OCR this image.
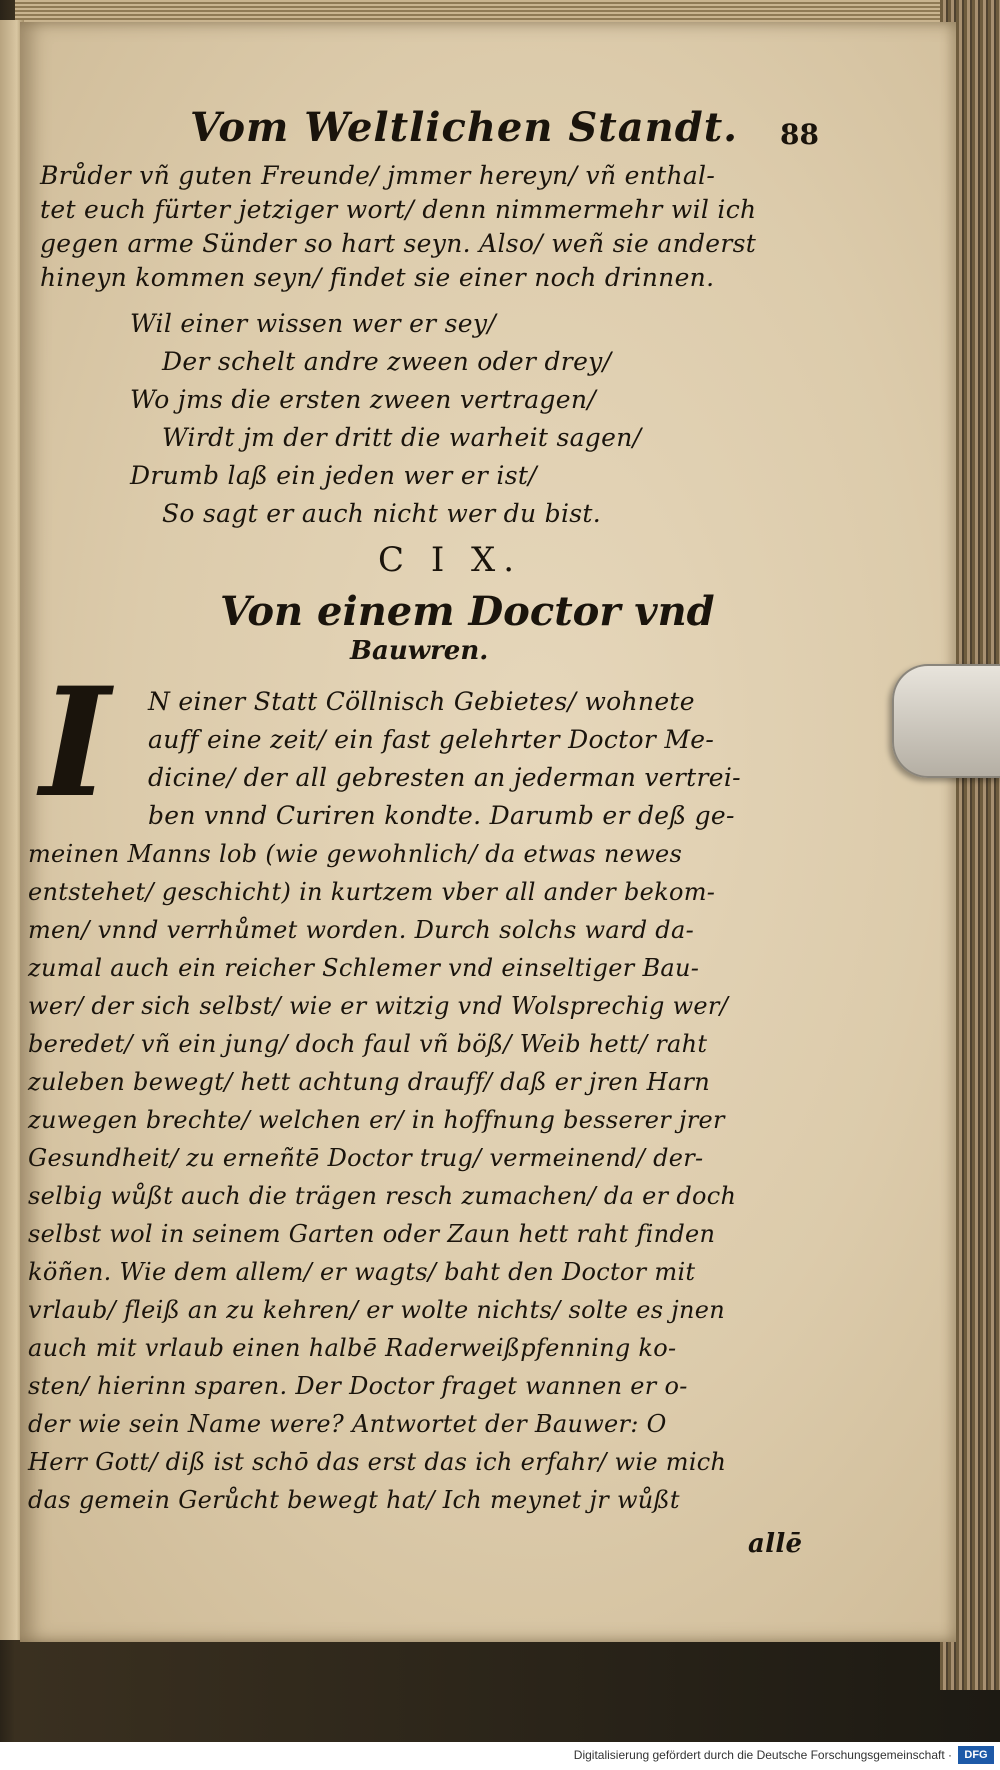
Vom Weltlichen Standt.	88
Brůder vñ guten Freunde/ jmmer hereyn/ vñ enthal-
tet euch fürter jetziger wort/ denn nimmermehr wil ich
gegen arme Sünder so hart seyn. Also/ weñ sie anderst
hineyn kommen seyn/ findet sie einer noch drinnen.
Wil einer wissen wer er sey/
Der schelt andre zween oder drey/
Wo jms die ersten zween vertragen/
Wirdt jm der dritt die warheit sagen/
Drumb laß ein jeden wer er ist/
So sagt er auch nicht wer du bist.
C I X.
Von einem Doctor vnd
Bauwren.
I	N einer Statt Cöllnisch Gebietes/ wohnete
auff eine zeit/ ein fast gelehrter Doctor Me-
dicine/ der all gebresten an jederman vertrei-
ben vnnd Curiren kondte. Darumb er deß ge-
meinen Manns lob (wie gewohnlich/ da etwas newes
entstehet/ geschicht) in kurtzem vber all ander bekom-
men/ vnnd verrhůmet worden. Durch solchs ward da-
zumal auch ein reicher Schlemer vnd einseltiger Bau-
wer/ der sich selbst/ wie er witzig vnd Wolsprechig wer/
beredet/ vñ ein jung/ doch faul vñ böß/ Weib hett/ raht
zuleben bewegt/ hett achtung drauff/ daß er jren Harn
zuwegen brechte/ welchen er/ in hoffnung besserer jrer
Gesundheit/ zu erneñtē Doctor trug/ vermeinend/ der-
selbig wůßt auch die trägen resch zumachen/ da er doch
selbst wol in seinem Garten oder Zaun hett raht finden
köñen. Wie dem allem/ er wagts/ baht den Doctor mit
vrlaub/ fleiß an zu kehren/ er wolte nichts/ solte es jnen
auch mit vrlaub einen halbē Raderweißpfenning ko-
sten/ hierinn sparen. Der Doctor fraget wannen er o-
der wie sein Name were? Antwortet der Bauwer: O
Herr Gott/ diß ist schō das erst das ich erfahr/ wie mich
das gemein Gerůcht bewegt hat/ Ich meynet jr wůßt
allē
Digitalisierung gefördert durch die Deutsche Forschungsgemeinschaft ·	DFG
